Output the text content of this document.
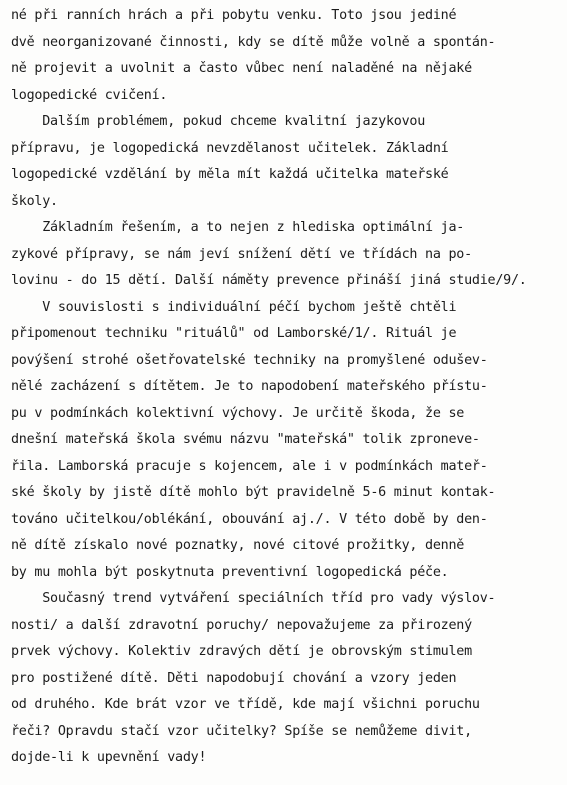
né při ranních hrách a při pobytu venku. Toto jsou jediné
dvě neorganizované činnosti, kdy se dítě může volně a spontán-
ně projevit a uvolnit a často vůbec není naladěné na nějaké
logopedické cvičení.
Dalším problémem, pokud chceme kvalitní jazykovou
přípravu, je logopedická nevzdělanost učitelek. Základní
logopedické vzdělání by měla mít každá učitelka mateřské
školy.
Základním řešením, a to nejen z hlediska optimální ja-
zykové přípravy, se nám jeví snížení dětí ve třídách na po-
lovinu - do 15 dětí. Další náměty prevence přináší jiná studie/9/.
V souvislosti s individuální péčí bychom ještě chtěli
připomenout techniku "rituálů" od Lamborské/1/. Rituál je
povýšení strohé ošetřovatelské techniky na promyšlené odušev-
nělé zacházení s dítětem. Je to napodobení mateřského přístu-
pu v podmínkách kolektivní výchovy. Je určitě škoda, že se
dnešní mateřská škola svému názvu "mateřská" tolik zproneve-
řila. Lamborská pracuje s kojencem, ale i v podmínkách mateř-
ské školy by jistě dítě mohlo být pravidelně 5-6 minut kontak-
továno učitelkou/oblékání, obouvání aj./. V této době by den-
ně dítě získalo nové poznatky, nové citové prožitky, denně
by mu mohla být poskytnuta preventivní logopedická péče.
Současný trend vytváření speciálních tříd pro vady výslov-
nosti/ a další zdravotní poruchy/ nepovažujeme za přirozený
prvek výchovy. Kolektiv zdravých dětí je obrovským stimulem
pro postižené dítě. Děti napodobují chování a vzory jeden
od druhého. Kde brát vzor ve třídě, kde mají všichni poruchu
řeči? Opravdu stačí vzor učitelky? Spíše se nemůžeme divit,
dojde-li k upevnění vady!
